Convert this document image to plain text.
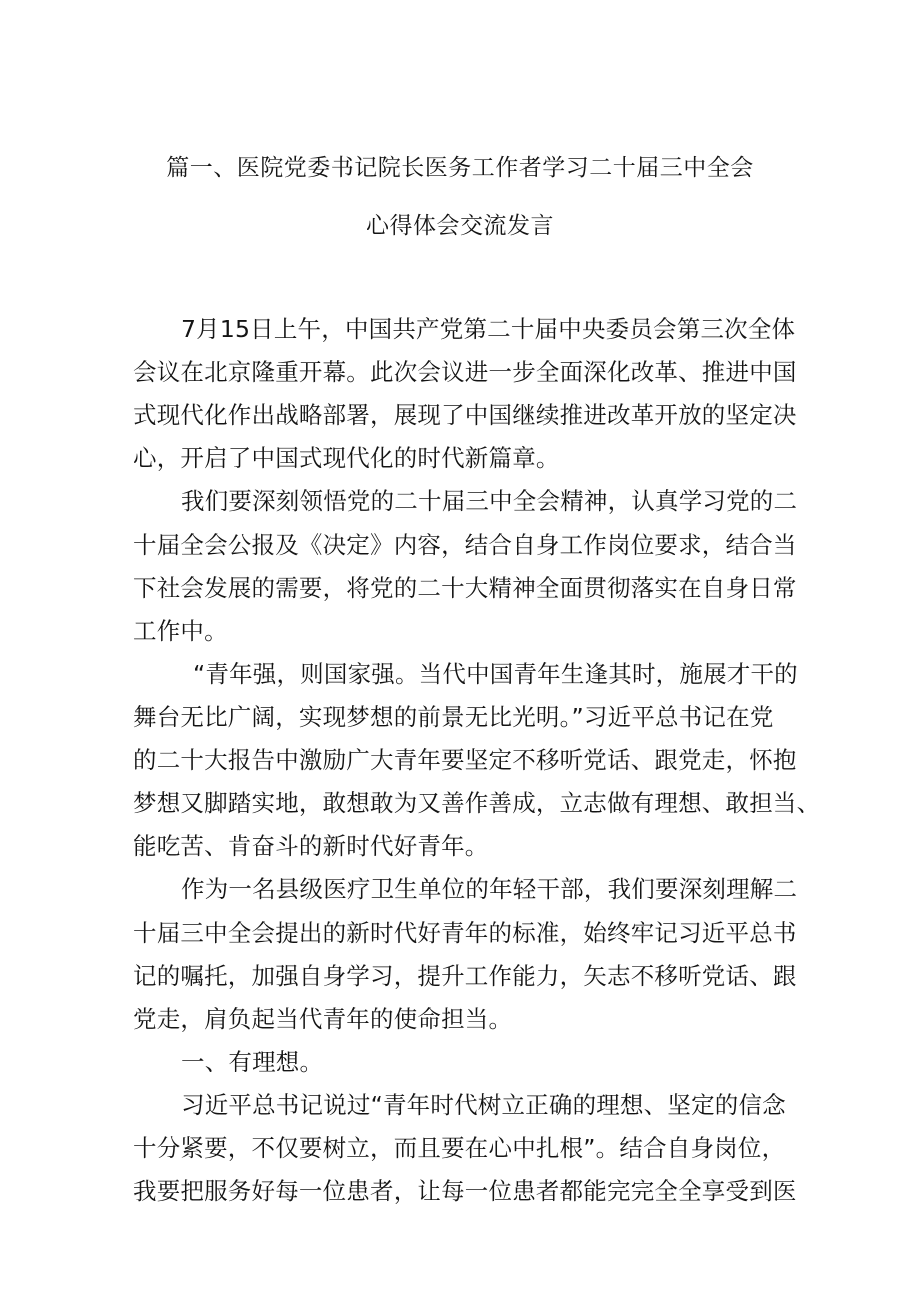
篇一、医院党委书记院长医务工作者学习二十届三中全会
心得体会交流发言
7月15日上午，中国共产党第二十届中央委员会第三次全体
会议在北京隆重开幕。此次会议进一步全面深化改革、推进中国
式现代化作出战略部署，展现了中国继续推进改革开放的坚定决
心，开启了中国式现代化的时代新篇章。
我们要深刻领悟党的二十届三中全会精神，认真学习党的二
十届全会公报及《决定》内容，结合自身工作岗位要求，结合当
下社会发展的需要，将党的二十大精神全面贯彻落实在自身日常
工作中。
“青年强，则国家强。当代中国青年生逢其时，施展才干的
舞台无比广阔，实现梦想的前景无比光明。”习近平总书记在党
的二十大报告中激励广大青年要坚定不移听党话、跟党走，怀抱
梦想又脚踏实地，敢想敢为又善作善成，立志做有理想、敢担当、
能吃苦、肯奋斗的新时代好青年。
作为一名县级医疗卫生单位的年轻干部，我们要深刻理解二
十届三中全会提出的新时代好青年的标准，始终牢记习近平总书
记的嘱托，加强自身学习，提升工作能力，矢志不移听党话、跟
党走，肩负起当代青年的使命担当。
一、有理想。
习近平总书记说过“青年时代树立正确的理想、坚定的信念
十分紧要，不仅要树立，而且要在心中扎根”。结合自身岗位，
我要把服务好每一位患者，让每一位患者都能完完全全享受到医
